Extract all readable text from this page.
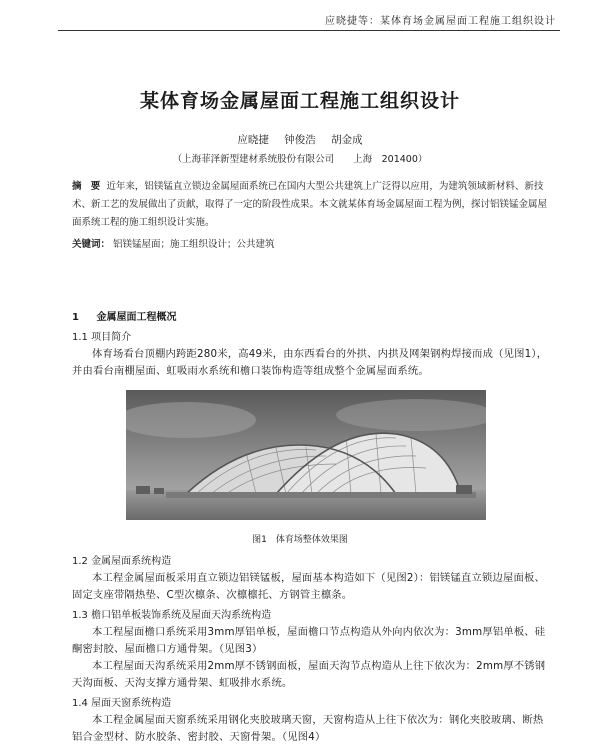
应晓捷等：某体育场金属屋面工程施工组织设计
某体育场金属屋面工程施工组织设计
应晓捷 钟俊浩 胡金成
（上海菲泽新型建材系统股份有限公司　　上海　201400）
摘 要 近年来，铝镁锰直立锁边金属屋面系统已在国内大型公共建筑上广泛得以应用，为建筑领域新材料、新技术、新工艺的发展做出了贡献，取得了一定的阶段性成果。本文就某体育场金属屋面工程为例，探讨铝镁锰金属屋面系统工程的施工组织设计实施。
关键词： 铝镁锰屋面；施工组织设计；公共建筑
1 金属屋面工程概况
1.1 项目简介
体育场看台顶棚内跨距280米，高49米，由东西看台的外拱、内拱及网架钢构焊接而成（见图1），并由看台南棚屋面、虹吸雨水系统和檐口装饰构造等组成整个金属屋面系统。
图1　体育场整体效果图
1.2 金属屋面系统构造
本工程金属屋面板采用直立锁边铝镁锰板，屋面基本构造如下（见图2）：铝镁锰直立锁边屋面板、固定支座带隔热垫、C型次檩条、次檩檩托、方钢管主檩条。
1.3 檐口铝单板装饰系统及屋面天沟系统构造
本工程屋面檐口系统采用3mm厚铝单板，屋面檐口节点构造从外向内依次为：3mm厚铝单板、硅酮密封胶、屋面檐口方通骨架。（见图3）
本工程屋面天沟系统采用2mm厚不锈钢面板，屋面天沟节点构造从上往下依次为：2mm厚不锈钢天沟面板、天沟支撑方通骨架、虹吸排水系统。
1.4 屋面天窗系统构造
本工程金属屋面天窗系统采用钢化夹胶玻璃天窗，天窗构造从上往下依次为：钢化夹胶玻璃、断热铝合金型材、防水胶条、密封胶、天窗骨架。（见图4）
